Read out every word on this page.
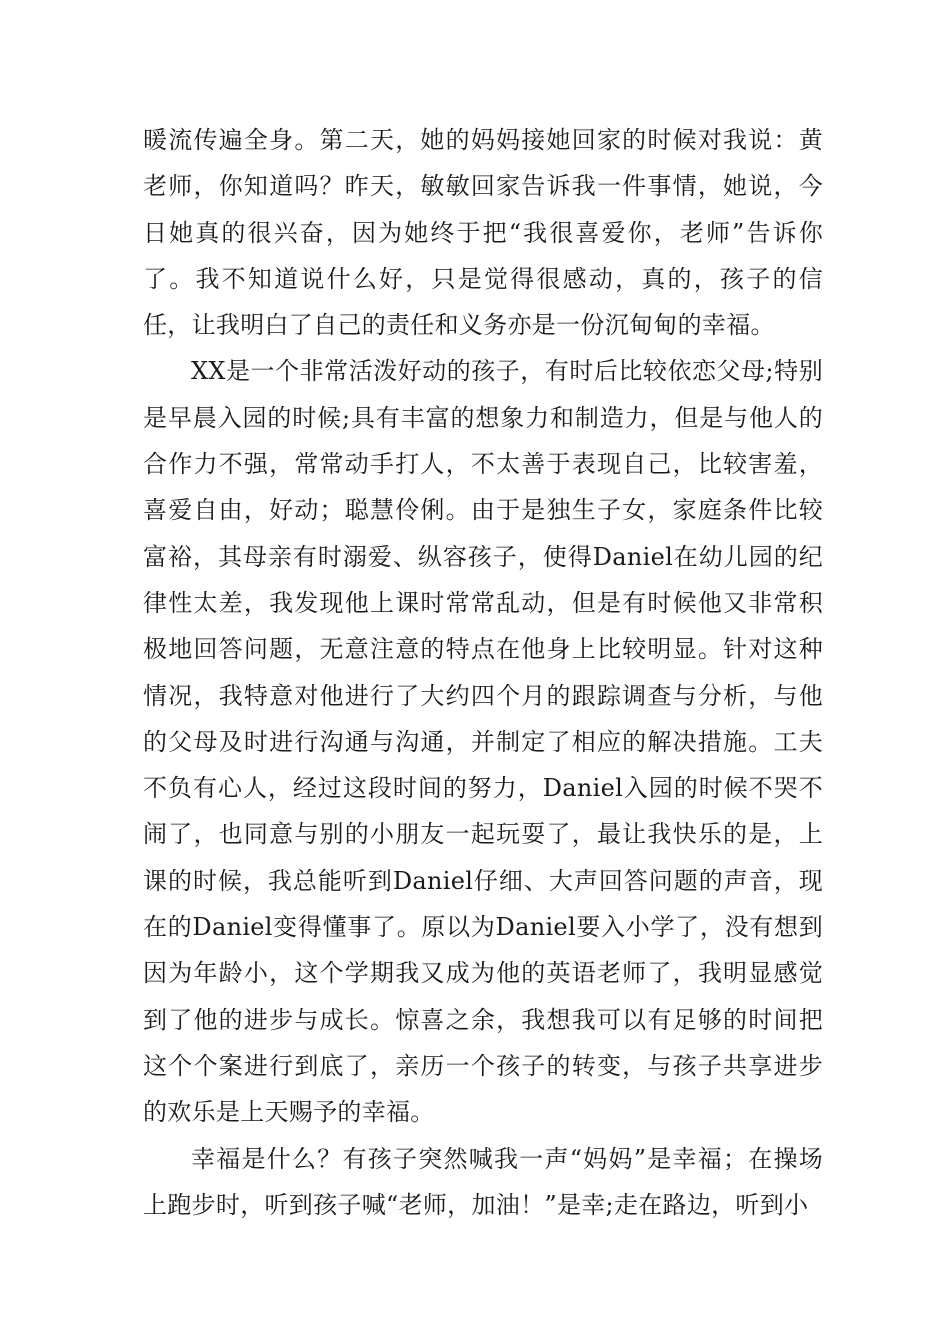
暖流传遍全身。第二天，她的妈妈接她回家的时候对我说：黄老师，你知道吗？昨天，敏敏回家告诉我一件事情，她说，今日她真的很兴奋，因为她终于把“我很喜爱你，老师”告诉你了。我不知道说什么好，只是觉得很感动，真的，孩子的信任，让我明白了自己的责任和义务亦是一份沉甸甸的幸福。

XX是一个非常活泼好动的孩子，有时后比较依恋父母;特别是早晨入园的时候;具有丰富的想象力和制造力，但是与他人的合作力不强，常常动手打人，不太善于表现自己，比较害羞，喜爱自由，好动；聪慧伶俐。由于是独生子女，家庭条件比较富裕，其母亲有时溺爱、纵容孩子，使得Daniel在幼儿园的纪律性太差，我发现他上课时常常乱动，但是有时候他又非常积极地回答问题，无意注意的特点在他身上比较明显。针对这种情况，我特意对他进行了大约四个月的跟踪调查与分析，与他的父母及时进行沟通与沟通，并制定了相应的解决措施。工夫不负有心人，经过这段时间的努力，Daniel入园的时候不哭不闹了，也同意与别的小朋友一起玩耍了，最让我快乐的是，上课的时候，我总能听到Daniel仔细、大声回答问题的声音，现在的Daniel变得懂事了。原以为Daniel要入小学了，没有想到因为年龄小，这个学期我又成为他的英语老师了，我明显感觉到了他的进步与成长。惊喜之余，我想我可以有足够的时间把这个个案进行到底了，亲历一个孩子的转变，与孩子共享进步的欢乐是上天赐予的幸福。

幸福是什么？有孩子突然喊我一声“妈妈”是幸福；在操场上跑步时，听到孩子喊“老师，加油！”是幸;走在路边，听到小
